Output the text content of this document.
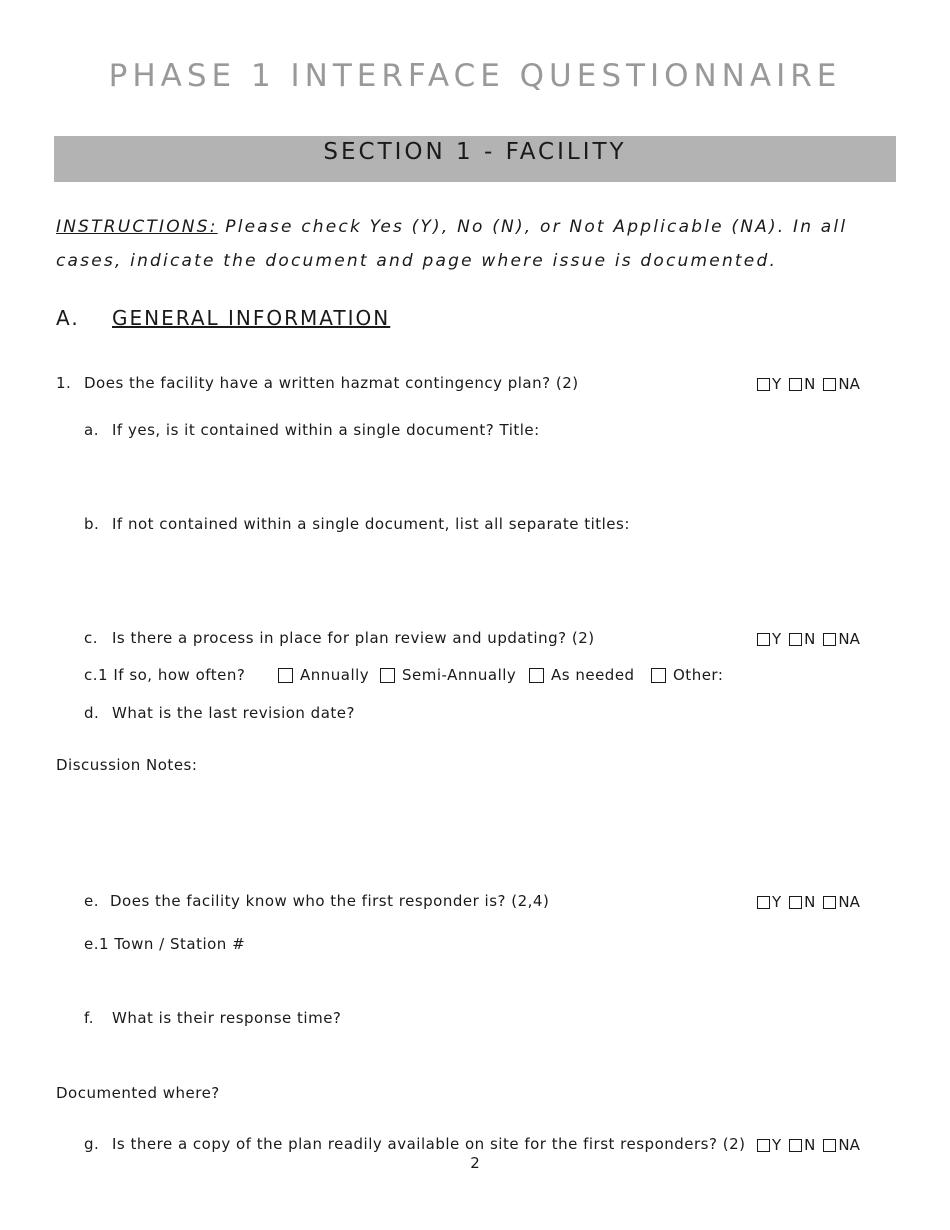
PHASE 1 INTERFACE QUESTIONNAIRE
SECTION 1 - FACILITY
INSTRUCTIONS: Please check Yes (Y), No (N), or Not Applicable (NA). In all cases, indicate the document and page where issue is documented.
A. GENERAL INFORMATION
1. Does the facility have a written hazmat contingency plan? (2)	Y N NA
a. If yes, is it contained within a single document? Title:
b. If not contained within a single document, list all separate titles:
c. Is there a process in place for plan review and updating? (2)	Y N NA
c.1 If so, how often?	Annually Semi-Annually As needed	Other:
d. What is the last revision date?
Discussion Notes:
e. Does the facility know who the first responder is? (2,4)	Y N NA
e.1 Town / Station #
f. What is their response time?
Documented where?
g. Is there a copy of the plan readily available on site for the first responders? (2) Y N NA
2
